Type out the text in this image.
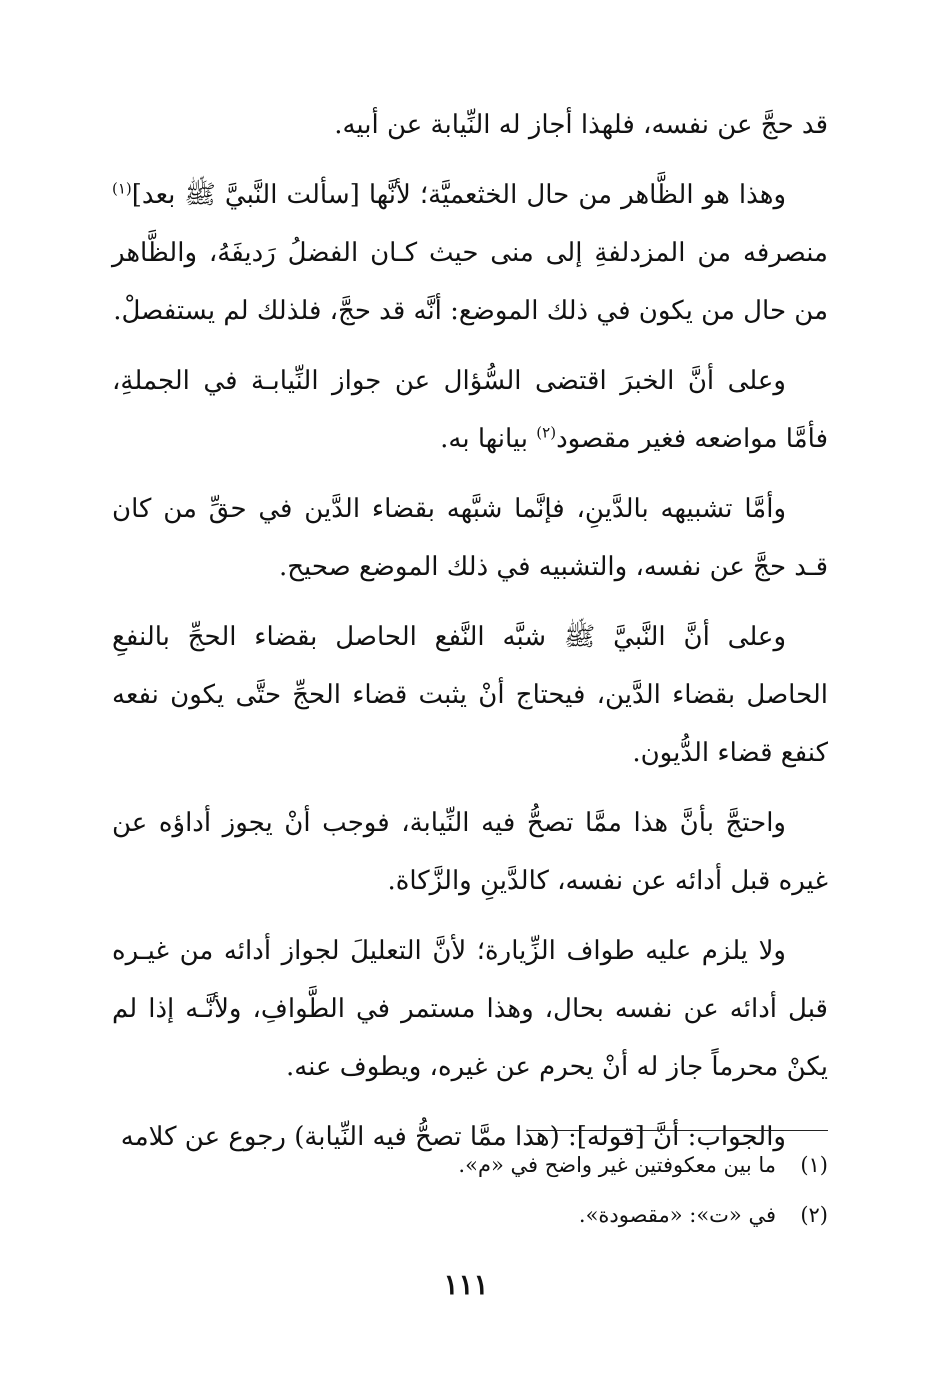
قد حجَّ عن نفسه، فلهذا أجاز له النِّيابة عن أبيه.

وهذا هو الظَّاهر من حال الخثعميَّة؛ لأنَّها [سألت النَّبيَّ ﷺ بعد]$^{(١)}$ منصرفه من المزدلفةِ إلى منى حيث كـان الفضلُ رَديفَهُ، والظَّاهر من حال من يكون في ذلك الموضع: أنَّه قد حجَّ، فلذلك لم يستفصلْ.

وعلى أنَّ الخبرَ اقتضى السُّؤال عن جواز النِّيابـة في الجملةِ، فأمَّا مواضعه فغير مقصود$^{(٢)}$ بيانها به.

وأمَّا تشبيهه بالدَّينِ، فإنَّما شبَّهه بقضاء الدَّين في حقِّ من كان قـد حجَّ عن نفسه، والتشبيه في ذلك الموضع صحيح.

وعلى أنَّ النَّبيَّ ﷺ شبَّه النَّفع الحاصل بقضاء الحجِّ بالنفعِ الحاصل بقضاء الدَّين، فيحتاج أنْ يثبت قضاء الحجِّ حتَّى يكون نفعه كنفع قضاء الدُّيون.

واحتجَّ بأنَّ هذا ممَّا تصحُّ فيه النِّيابة، فوجب أنْ يجوز أداؤه عن غيره قبل أدائه عن نفسه، كالدَّينِ والزَّكاة.

ولا يلزم عليه طواف الزِّيارة؛ لأنَّ التعليلَ لجواز أدائه من غيـره قبل أدائه عن نفسه بحال، وهذا مستمر في الطَّوافِ، ولأنَّـه إذا لم يكنْ محرماً جاز له أنْ يحرم عن غيره، ويطوف عنه.

والجواب: أنَّ [قوله]: (هذا ممَّا تصحُّ فيه النِّيابة) رجوع عن كلامه

(١)
ما بين معكوفتين غير واضح في «م».
(٢)
في «ت»: «مقصودة».
١١١
